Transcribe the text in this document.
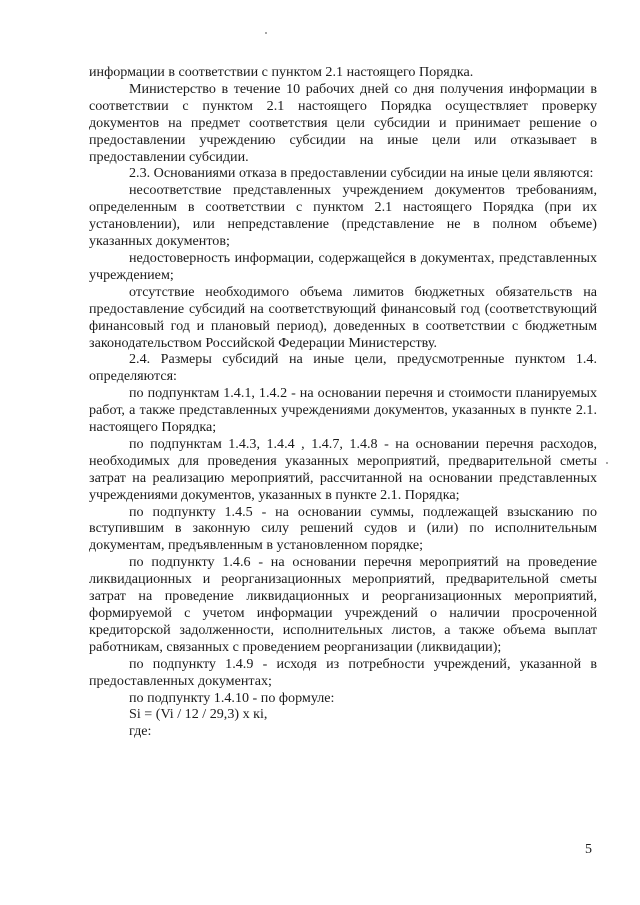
информации в соответствии с пунктом 2.1 настоящего Порядка.

Министерство в течение 10 рабочих дней со дня получения информации в соответствии с пунктом 2.1 настоящего Порядка осуществляет проверку документов на предмет соответствия цели субсидии и принимает решение о предоставлении учреждению субсидии на иные цели или отказывает в предоставлении субсидии.

2.3. Основаниями отказа в предоставлении субсидии на иные цели являются:

несоответствие представленных учреждением документов требованиям, определенным в соответствии с пунктом 2.1 настоящего Порядка (при их установлении), или непредставление (представление не в полном объеме) указанных документов;

недостоверность информации, содержащейся в документах, представленных учреждением;

отсутствие необходимого объема лимитов бюджетных обязательств на предоставление субсидий на соответствующий финансовый год (соответствующий финансовый год и плановый период), доведенных в соответствии с бюджетным законодательством Российской Федерации Министерству.

2.4. Размеры субсидий на иные цели, предусмотренные пунктом 1.4. определяются:

по подпунктам 1.4.1, 1.4.2 - на основании перечня и стоимости планируемых работ, а также представленных учреждениями документов, указанных в пункте 2.1. настоящего Порядка;

по подпунктам 1.4.3, 1.4.4 , 1.4.7, 1.4.8 - на основании перечня расходов, необходимых для проведения указанных мероприятий, предварительной сметы затрат на реализацию мероприятий, рассчитанной на основании представленных учреждениями документов, указанных в пункте 2.1. Порядка;

по подпункту 1.4.5 - на основании суммы, подлежащей взысканию по вступившим в законную силу решений судов и (или) по исполнительным документам, предъявленным в установленном порядке;

по подпункту 1.4.6 - на основании перечня мероприятий на проведение ликвидационных и реорганизационных мероприятий, предварительной сметы затрат на проведение ликвидационных и реорганизационных мероприятий, формируемой с учетом информации учреждений о наличии просроченной кредиторской задолженности, исполнительных листов, а также объема выплат работникам, связанных с проведением реорганизации (ликвидации);

по подпункту 1.4.9 - исходя из потребности учреждений, указанной в предоставленных документах;

по подпункту 1.4.10 - по формуле:

Si = (Vi / 12 / 29,3) х кi,

где:

5
